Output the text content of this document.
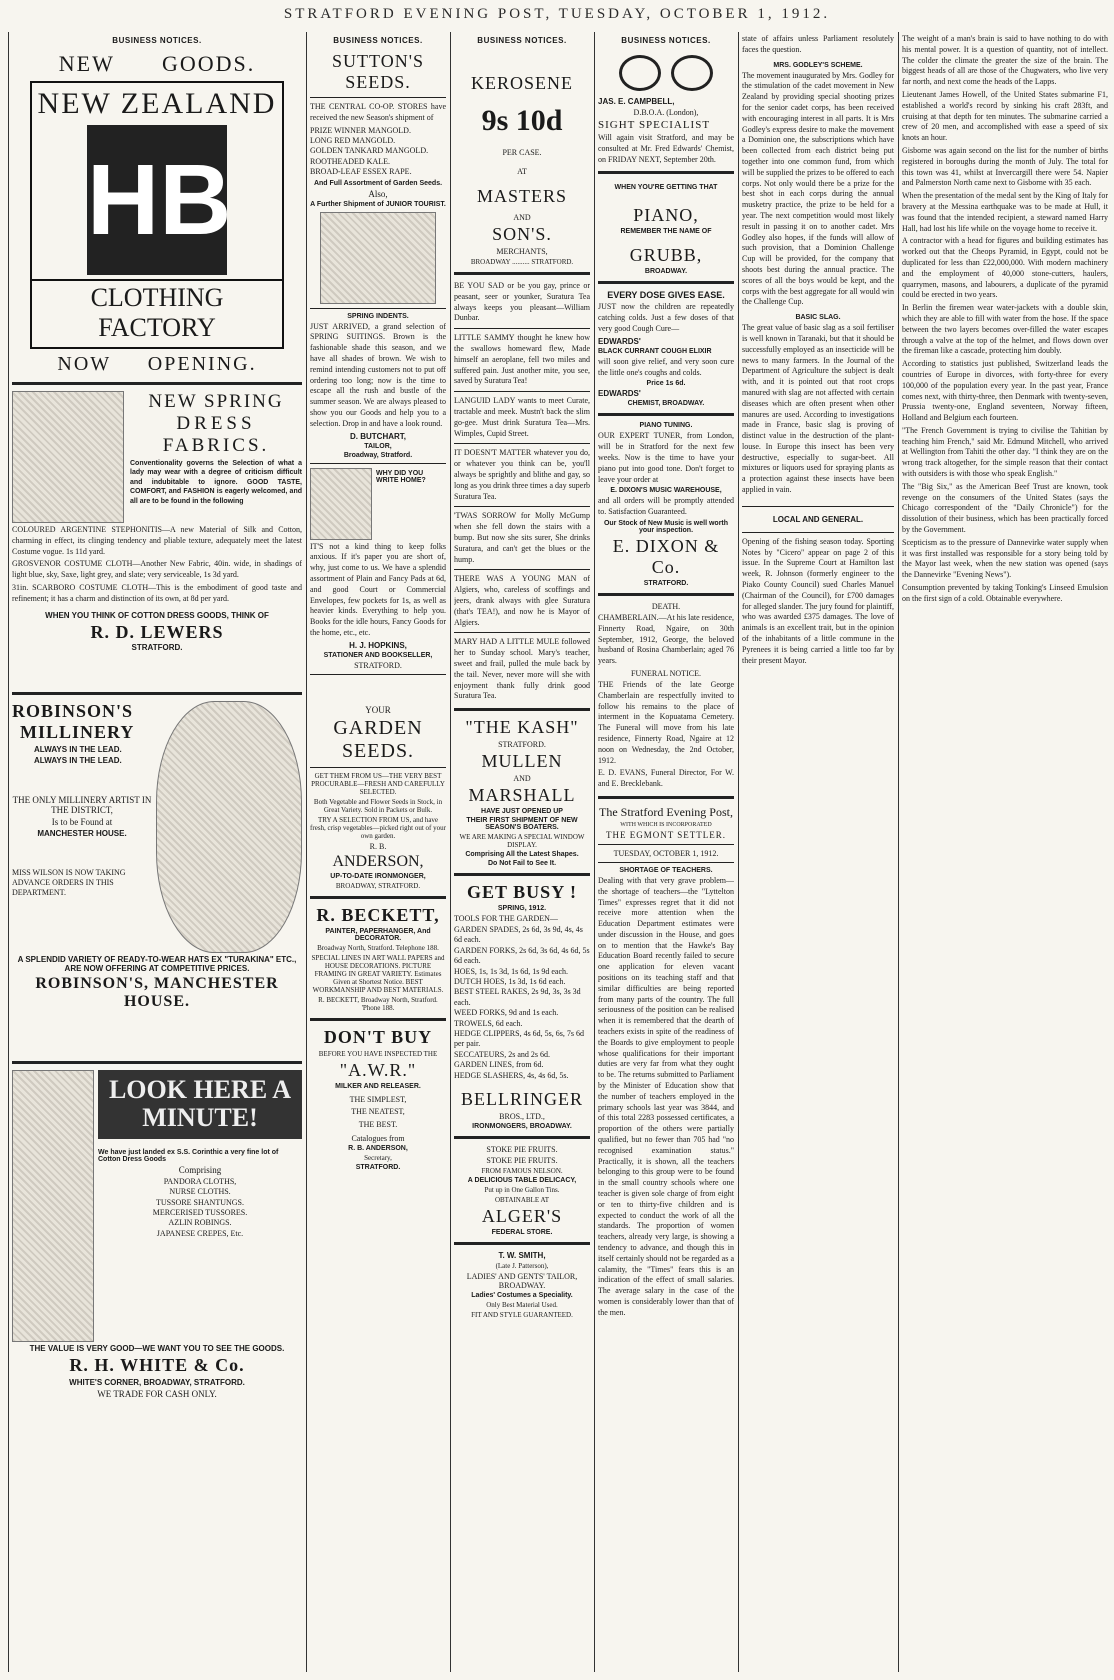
STRATFORD EVENING POST, TUESDAY, OCTOBER 1, 1912.
BUSINESS NOTICES.
NEW GOODS.
NEW ZEALAND
HB
CLOTHING FACTORY
NOW OPENING.
NEW SPRING
DRESS
FABRICS.

Conventionality governs the Selection of what a lady may wear with a degree of criticism difficult and indubitable to ignore. GOOD TASTE, COMFORT, and FASHION is eagerly welcomed, and all are to be found in the following

COLOURED ARGENTINE STEPHONITIS—A new Material of Silk and Cotton, charming in effect, its clinging tendency and pliable texture, adequately meet the latest Costume vogue. 1s 11d yard.

GROSVENOR COSTUME CLOTH—Another New Fabric, 40in. wide, in shadings of light blue, sky, Saxe, light grey, and slate; very serviceable, 1s 3d yard.

31in. SCARBORO COSTUME CLOTH—This is the embodiment of good taste and refinement; it has a charm and distinction of its own, at 8d per yard.

WHEN YOU THINK OF COTTON DRESS GOODS, THINK OF

R. D. LEWERS
STRATFORD.
ROBINSON'S
MILLINERY

ALWAYS IN THE LEAD.

ALWAYS IN THE LEAD.

THE ONLY MILLINERY ARTIST IN THE DISTRICT,

Is to be Found at

MANCHESTER HOUSE.

MISS WILSON IS NOW TAKING ADVANCE ORDERS IN THIS DEPARTMENT.

A SPLENDID VARIETY OF READY-TO-WEAR HATS EX "TURAKINA" ETC., ARE NOW OFFERING AT COMPETITIVE PRICES.

ROBINSON'S, MANCHESTER HOUSE.
LOOK HERE A MINUTE!

We have just landed ex S.S. Corinthic a very fine lot of Cotton Dress Goods

Comprising

PANDORA CLOTHS,
NURSE CLOTHS.
TUSSORE SHANTUNGS.
MERCERISED TUSSORES.
AZLIN ROBINGS.
JAPANESE CREPES, Etc.

THE VALUE IS VERY GOOD—WE WANT YOU TO SEE THE GOODS.

R. H. WHITE & Co.

WHITE'S CORNER, BROADWAY, STRATFORD.

WE TRADE FOR CASH ONLY.

BUSINESS NOTICES.
SUTTON'S
SEEDS.

THE CENTRAL CO-OP. STORES have received the new Season's shipment of

PRIZE WINNER MANGOLD.
LONG RED MANGOLD.
GOLDEN TANKARD MANGOLD.
ROOTHEADED KALE.
BROAD-LEAF ESSEX RAPE.

And Full Assortment of Garden Seeds.

Also,

A Further Shipment of JUNIOR TOURIST.

SPRING INDENTS.

JUST ARRIVED, a grand selection of SPRING SUITINGS. Brown is the fashionable shade this season, and we have all shades of brown. We wish to remind intending customers not to put off ordering too long; now is the time to escape all the rush and bustle of the summer season. We are always pleased to show you our Goods and help you to a selection. Drop in and have a look round.

D. BUTCHART,

TAILOR,

Broadway, Stratford.

WHY DID YOU WRITE HOME?

IT'S not a kind thing to keep folks anxious. If it's paper you are short of, why, just come to us. We have a splendid assortment of Plain and Fancy Pads at 6d, and good Court or Commercial Envelopes, few pockets for 1s, as well as heavier kinds. Everything to help you. Books for the idle hours, Fancy Goods for the home, etc., etc.

H. J. HOPKINS,

STATIONER AND BOOKSELLER,

STRATFORD.

YOUR

GARDEN
SEEDS.

GET THEM FROM US—THE VERY BEST PROCURABLE—FRESH AND CAREFULLY SELECTED.

Both Vegetable and Flower Seeds in Stock, in Great Variety. Sold in Packets or Bulk.

TRY A SELECTION FROM US, and have fresh, crisp vegetables—picked right out of your own garden.

R. B.

ANDERSON,

UP-TO-DATE IRONMONGER,

BROADWAY, STRATFORD.

R. BECKETT,

PAINTER, PAPERHANGER, And DECORATOR.

Broadway North, Stratford. Telephone 188.

SPECIAL LINES IN ART WALL PAPERS and HOUSE DECORATIONS. PICTURE FRAMING IN GREAT VARIETY. Estimates Given at Shortest Notice. BEST WORKMANSHIP AND BEST MATERIALS.

R. BECKETT, Broadway North, Stratford. 'Phone 188.

DON'T BUY

BEFORE YOU HAVE INSPECTED THE

"A.W.R."

MILKER AND RELEASER.

THE SIMPLEST,
THE NEATEST,
THE BEST.

Catalogues from

R. B. ANDERSON,

Secretary,

STRATFORD.

BUSINESS NOTICES.
KEROSENE
9s 10d

PER CASE.

AT

MASTERS

AND

SON'S.

MERCHANTS,

BROADWAY .......... STRATFORD.

BE YOU SAD or be you gay, prince or peasant, seer or younker, Suratura Tea always keeps you pleasant—William Dunbar.

LITTLE SAMMY thought he knew how the swallows homeward flew, Made himself an aeroplane, fell two miles and suffered pain. Just another mite, you see, saved by Suratura Tea!

LANGUID LADY wants to meet Curate, tractable and meek. Mustn't back the slim go-gee. Must drink Suratura Tea—Mrs. Wimples, Cupid Street.

IT DOESN'T MATTER whatever you do, or whatever you think can be, you'll always be sprightly and blithe and gay, so long as you drink three times a day superb Suratura Tea.

'TWAS SORROW for Molly McGump when she fell down the stairs with a bump. But now she sits surer, She drinks Suratura, and can't get the blues or the hump.

THERE WAS A YOUNG MAN of Algiers, who, careless of scoffings and jeers, drank always with glee Suratura (that's TEA!), and now he is Mayor of Algiers.

MARY HAD A LITTLE MULE followed her to Sunday school. Mary's teacher, sweet and frail, pulled the mule back by the tail. Never, never more will she with enjoyment thank fully drink good Suratura Tea.

"THE KASH"

STRATFORD.

MULLEN

AND

MARSHALL

HAVE JUST OPENED UP

THEIR FIRST SHIPMENT OF NEW SEASON'S BOATERS.

WE ARE MAKING A SPECIAL WINDOW DISPLAY.

Comprising All the Latest Shapes.

Do Not Fail to See It.

GET BUSY !

SPRING, 1912.

TOOLS FOR THE GARDEN—

GARDEN SPADES, 2s 6d, 3s 9d, 4s, 4s 6d each.
GARDEN FORKS, 2s 6d, 3s 6d, 4s 6d, 5s 6d each.
HOES, 1s, 1s 3d, 1s 6d, 1s 9d each.
DUTCH HOES, 1s 3d, 1s 6d each.
BEST STEEL RAKES, 2s 9d, 3s, 3s 3d each.
WEED FORKS, 9d and 1s each.
TROWELS, 6d each.
HEDGE CLIPPERS, 4s 6d, 5s, 6s, 7s 6d per pair.
SECCATEURS, 2s and 2s 6d.
GARDEN LINES, from 6d.
HEDGE SLASHERS, 4s, 4s 6d, 5s.
BELLRINGER

BROS., LTD.,

IRONMONGERS, BROADWAY.

STOKE PIE FRUITS.

STOKE PIE FRUITS.

FROM FAMOUS NELSON.

A DELICIOUS TABLE DELICACY,

Put up in One Gallon Tins.

OBTAINABLE AT

ALGER'S

FEDERAL STORE.

T. W. SMITH,

(Late J. Patterson),

LADIES' AND GENTS' TAILOR, BROADWAY.

Ladies' Costumes a Speciality.

Only Best Material Used.

FIT AND STYLE GUARANTEED.

BUSINESS NOTICES.

JAS. E. CAMPBELL,

D.B.O.A. (London),

SIGHT SPECIALIST

Will again visit Stratford, and may be consulted at Mr. Fred Edwards' Chemist, on FRIDAY NEXT, September 20th.

WHEN YOU'RE GETTING THAT

PIANO,

REMEMBER THE NAME OF

GRUBB,

BROADWAY.

EVERY DOSE GIVES EASE.

JUST now the children are repeatedly catching colds. Just a few doses of that very good Cough Cure—

EDWARDS'

BLACK CURRANT COUGH ELIXIR

will soon give relief, and very soon cure the little one's coughs and colds.

Price 1s 6d.

EDWARDS'

CHEMIST, BROADWAY.

PIANO TUNING.

OUR EXPERT TUNER, from London, will be in Stratford for the next few weeks. Now is the time to have your piano put into good tone. Don't forget to leave your order at

E. DIXON'S MUSIC WAREHOUSE,

and all orders will be promptly attended to. Satisfaction Guaranteed.

Our Stock of New Music is well worth your inspection.

E. DIXON & Co.

STRATFORD.

DEATH.

CHAMBERLAIN.—At his late residence, Finnerty Road, Ngaire, on 30th September, 1912, George, the beloved husband of Rosina Chamberlain; aged 76 years.

FUNERAL NOTICE.

THE Friends of the late George Chamberlain are respectfully invited to follow his remains to the place of interment in the Kopuatama Cemetery. The Funeral will move from his late residence, Finnerty Road, Ngaire at 12 noon on Wednesday, the 2nd October, 1912.

E. D. EVANS, Funeral Director, For W. and E. Brecklebank.

The Stratford Evening Post,

WITH WHICH IS INCORPORATED

THE EGMONT SETTLER.

TUESDAY, OCTOBER 1, 1912.

SHORTAGE OF TEACHERS.

Dealing with that very grave problem—the shortage of teachers—the "Lyttelton Times" expresses regret that it did not receive more attention when the Education Department estimates were under discussion in the House, and goes on to mention that the Hawke's Bay Education Board recently failed to secure one application for eleven vacant positions on its teaching staff and that similar difficulties are being reported from many parts of the country. The full seriousness of the position can be realised when it is remembered that the dearth of teachers exists in spite of the readiness of the Boards to give employment to people whose qualifications for their important duties are very far from what they ought to be. The returns submitted to Parliament by the Minister of Education show that the number of teachers employed in the primary schools last year was 3844, and of this total 2283 possessed certificates, a proportion of the others were partially qualified, but no fewer than 705 had "no recognised examination status." Practically, it is shown, all the teachers belonging to this group were to be found in the small country schools where one teacher is given sole charge of from eight or ten to thirty-five children and is expected to conduct the work of all the standards. The proportion of women teachers, already very large, is showing a tendency to advance, and though this in itself certainly should not be regarded as a calamity, the "Times" fears this is an indication of the effect of small salaries. The average salary in the case of the women is considerably lower than that of the men.

state of affairs unless Parliament resolutely faces the question.

MRS. GODLEY'S SCHEME.

The movement inaugurated by Mrs. Godley for the stimulation of the cadet movement in New Zealand by providing special shooting prizes for the senior cadet corps, has been received with encouraging interest in all parts. It is Mrs Godley's express desire to make the movement a Dominion one, the subscriptions which have been collected from each district being put together into one common fund, from which will be supplied the prizes to be offered to each corps. Not only would there be a prize for the best shot in each corps during the annual musketry practice, the prize to be held for a year. The next competition would most likely result in passing it on to another cadet. Mrs Godley also hopes, if the funds will allow of such provision, that a Dominion Challenge Cup will be provided, for the company that shoots best during the annual practice. The scores of all the boys would be kept, and the corps with the best aggregate for all would win the Challenge Cup.

BASIC SLAG.

The great value of basic slag as a soil fertiliser is well known in Taranaki, but that it should be successfully employed as an insecticide will be news to many farmers. In the Journal of the Department of Agriculture the subject is dealt with, and it is pointed out that root crops manured with slag are not affected with certain diseases which are often present when other manures are used. According to investigations made in France, basic slag is proving of distinct value in the destruction of the plant-louse. In Europe this insect has been very destructive, especially to sugar-beet. All mixtures or liquors used for spraying plants as a protection against these insects have been applied in vain.

LOCAL AND GENERAL.

Opening of the fishing season today. Sporting Notes by "Cicero" appear on page 2 of this issue. In the Supreme Court at Hamilton last week, R. Johnson (formerly engineer to the Piako County Council) sued Charles Manuel (Chairman of the Council), for £700 damages for alleged slander. The jury found for plaintiff, who was awarded £375 damages. The love of animals is an excellent trait, but in the opinion of the inhabitants of a little commune in the Pyrenees it is being carried a little too far by their present Mayor.

The weight of a man's brain is said to have nothing to do with his mental power. It is a question of quantity, not of intellect. The colder the climate the greater the size of the brain. The biggest heads of all are those of the Chugwaters, who live very far north, and next come the heads of the Lapps.

Lieutenant James Howell, of the United States submarine F1, established a world's record by sinking his craft 283ft, and cruising at that depth for ten minutes. The submarine carried a crew of 20 men, and accomplished with ease a speed of six knots an hour.

Gisborne was again second on the list for the number of births registered in boroughs during the month of July. The total for this town was 41, whilst at Invercargill there were 54. Napier and Palmerston North came next to Gisborne with 35 each.

When the presentation of the medal sent by the King of Italy for bravery at the Messina earthquake was to be made at Hull, it was found that the intended recipient, a steward named Harry Hall, had lost his life while on the voyage home to receive it.

A contractor with a head for figures and building estimates has worked out that the Cheops Pyramid, in Egypt, could not be duplicated for less than £22,000,000. With modern machinery and the employment of 40,000 stone-cutters, haulers, quarrymen, masons, and labourers, a duplicate of the pyramid could be erected in two years.

In Berlin the firemen wear water-jackets with a double skin, which they are able to fill with water from the hose. If the space between the two layers becomes over-filled the water escapes through a valve at the top of the helmet, and flows down over the fireman like a cascade, protecting him doubly.

According to statistics just published, Switzerland leads the countries of Europe in divorces, with forty-three for every 100,000 of the population every year. In the past year, France comes next, with thirty-three, then Denmark with twenty-seven, Prussia twenty-one, England seventeen, Norway fifteen, Holland and Belgium each fourteen.

"The French Government is trying to civilise the Tahitian by teaching him French," said Mr. Edmund Mitchell, who arrived at Wellington from Tahiti the other day. "I think they are on the wrong track altogether, for the simple reason that their contact with outsiders is with those who speak English."

The "Big Six," as the American Beef Trust are known, took revenge on the consumers of the United States (says the Chicago correspondent of the "Daily Chronicle") for the dissolution of their business, which has been practically forced by the Government.

Scepticism as to the pressure of Dannevirke water supply when it was first installed was responsible for a story being told by the Mayor last week, when the new station was opened (says the Dannevirke "Evening News").

Consumption prevented by taking Tonking's Linseed Emulsion on the first sign of a cold. Obtainable everywhere.
